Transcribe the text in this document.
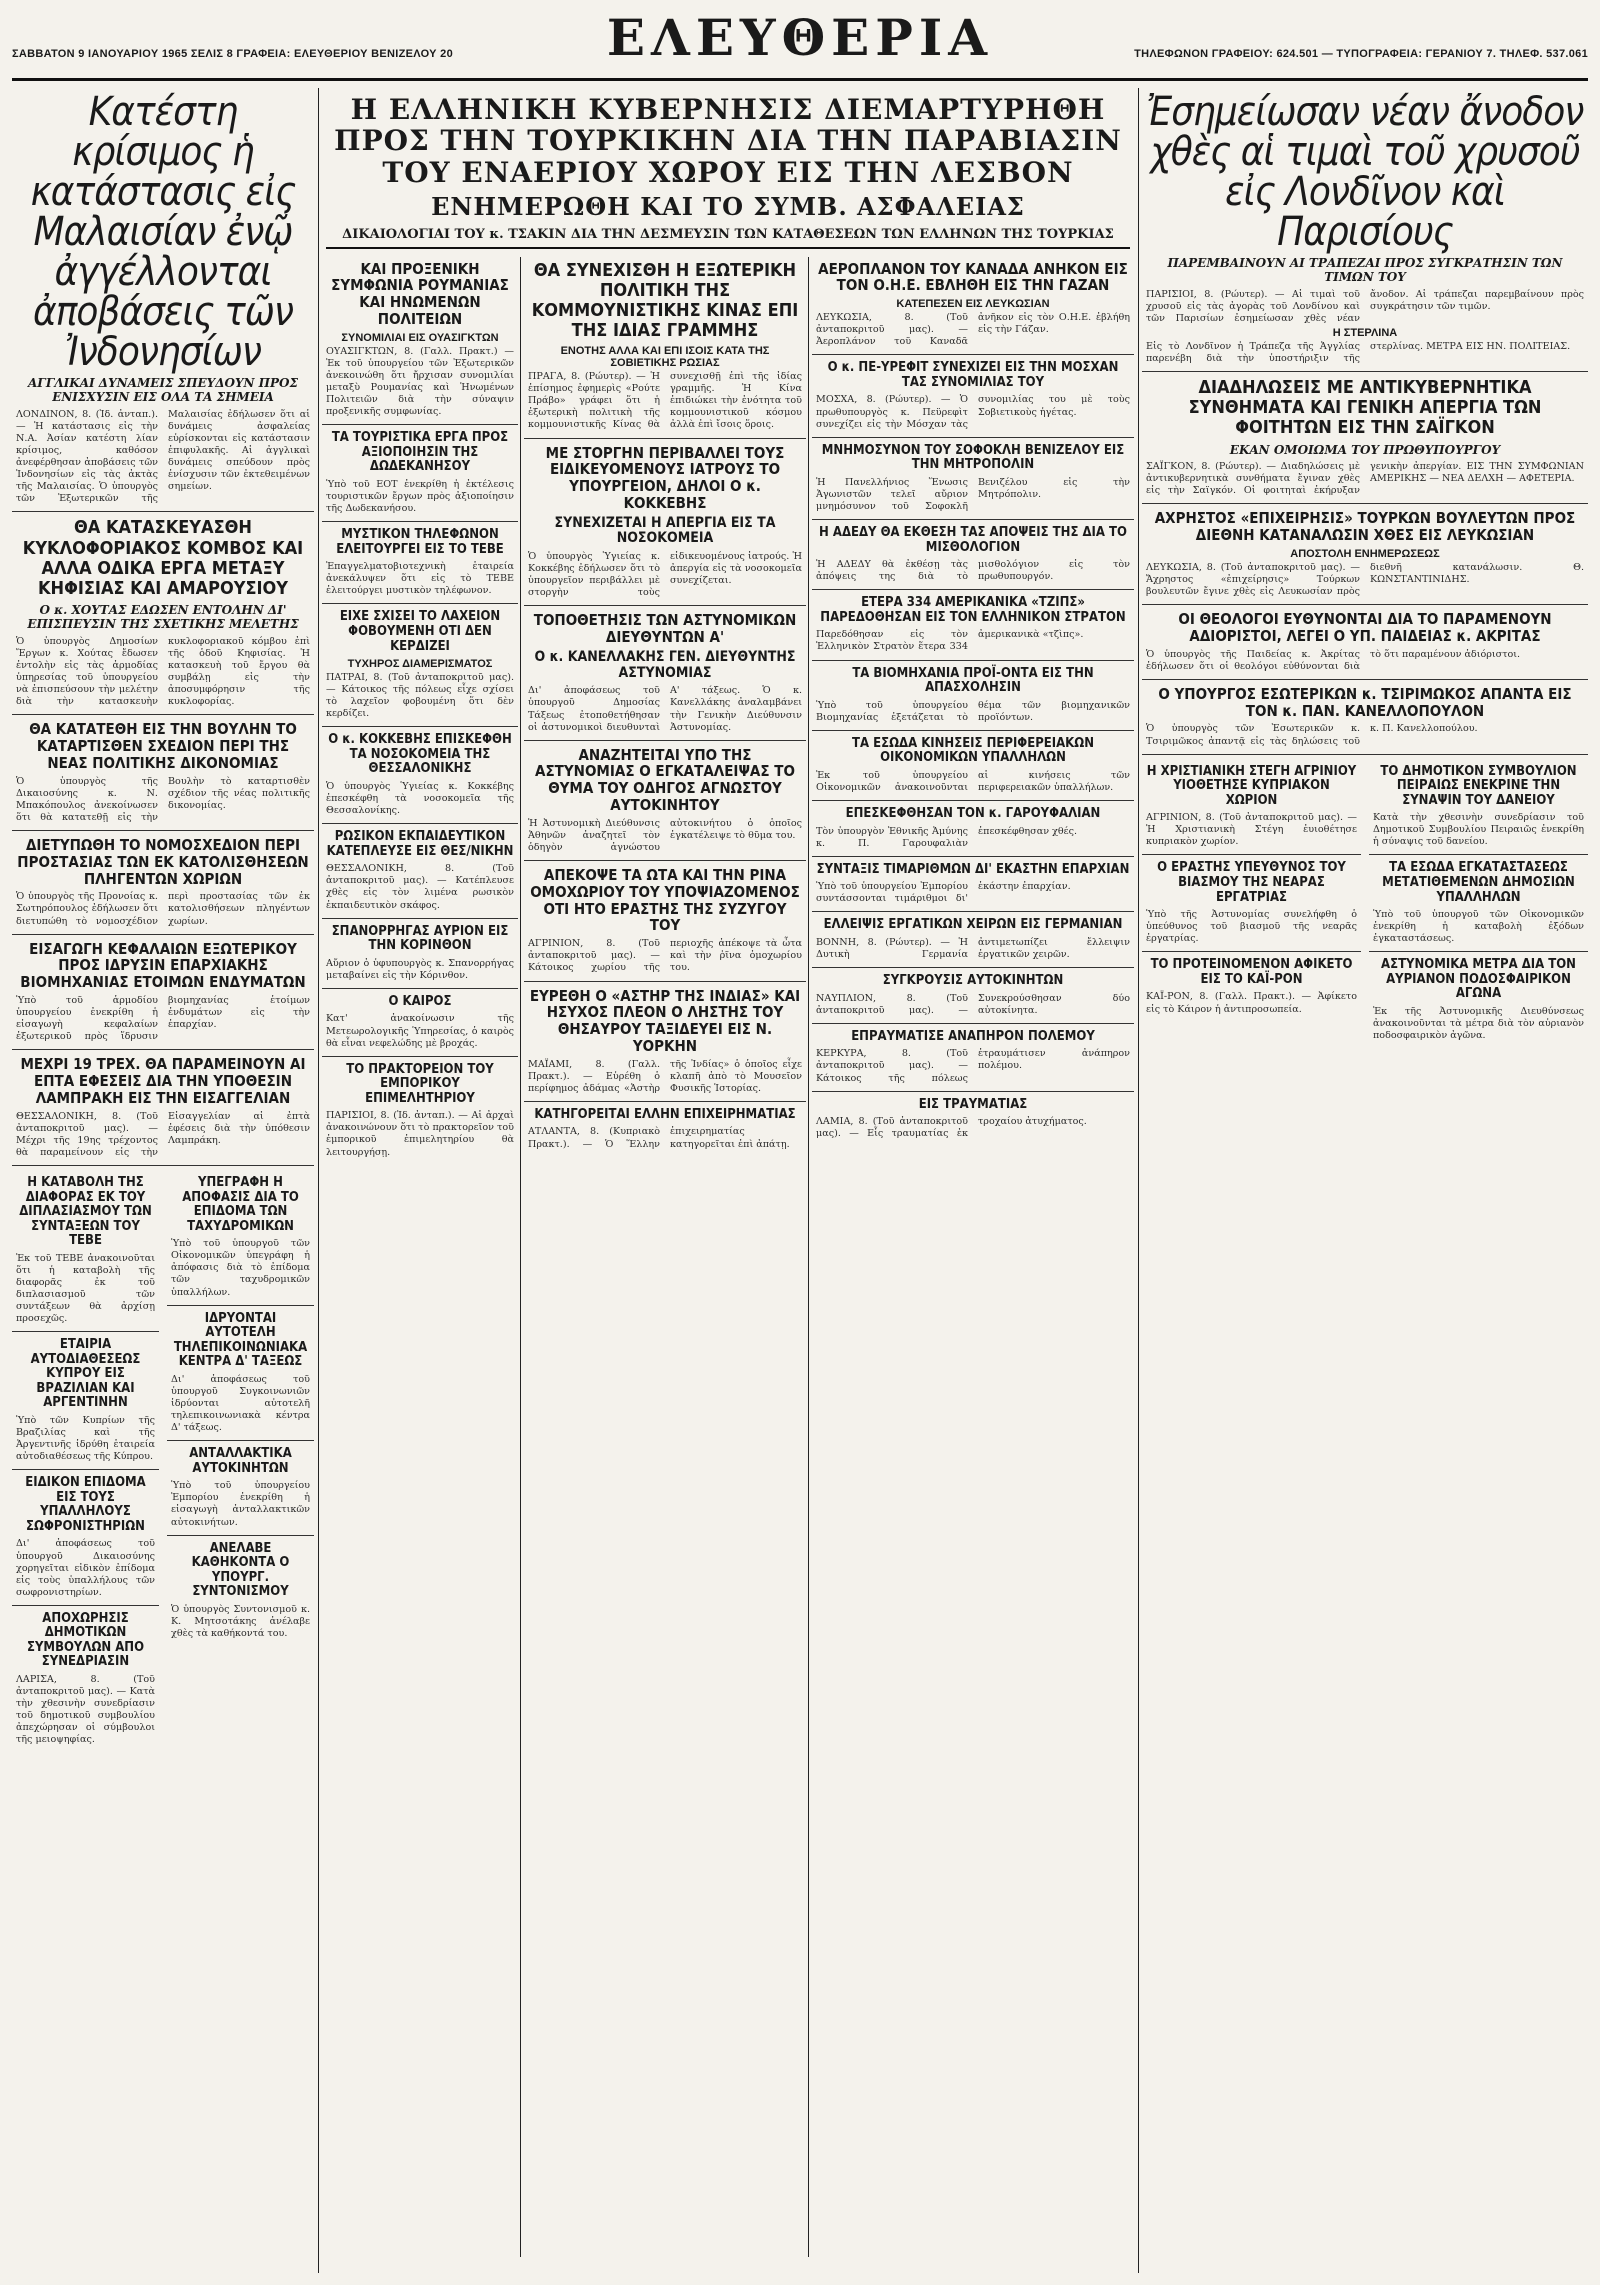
ΣΑΒΒΑΤΟΝ 9 ΙΑΝΟΥΑΡΙΟΥ 1965 ΣΕΛΙΣ 8 ΓΡΑΦΕΙΑ: ΕΛΕΥΘΕΡΙΟΥ ΒΕΝΙΖΕΛΟΥ 20	ΕΛΕΥΘΕΡΙΑ	ΤΗΛΕΦΩΝΟΝ ΓΡΑΦΕΙΟΥ: 624.501 — ΤΥΠΟΓΡΑΦΕΙΑ: ΓΕΡΑΝΙΟΥ 7. ΤΗΛΕΦ. 537.061
Κατέστη κρίσιμος ἡ κατάστασις εἰς Μαλαισίαν ἐνῷ ἀγγέλλονται ἀποβάσεις τῶν Ἰνδονησίων
ΑΓΓΛΙΚΑΙ ΔΥΝΑΜΕΙΣ ΣΠΕΥΔΟΥΝ ΠΡΟΣ ΕΝΙΣΧΥΣΙΝ ΕΙΣ ΟΛΑ ΤΑ ΣΗΜΕΙΑ

ΛΟΝΔΙΝΟΝ, 8. (Ἰδ. ἀνταπ.). — Ἡ κατάστασις εἰς τὴν Ν.Α. Ἀσίαν κατέστη λίαν κρίσιμος, καθόσον ἀνεφέρθησαν ἀποβάσεις τῶν Ἰνδονησίων εἰς τὰς ἀκτὰς τῆς Μαλαισίας. Ὁ ὑπουργὸς τῶν Ἐξωτερικῶν τῆς Μαλαισίας ἐδήλωσεν ὅτι αἱ δυνάμεις ἀσφαλείας εὑρίσκονται εἰς κατάστασιν ἐπιφυλακῆς. Αἱ ἀγγλικαὶ δυνάμεις σπεύδουν πρὸς ἐνίσχυσιν τῶν ἐκτεθειμένων σημείων.

ΘΑ ΚΑΤΑΣΚΕΥΑΣΘΗ ΚΥΚΛΟΦΟΡΙΑΚΟΣ ΚΟΜΒΟΣ ΚΑΙ ΑΛΛΑ ΟΔΙΚΑ ΕΡΓΑ ΜΕΤΑΞΥ ΚΗΦΙΣΙΑΣ ΚΑΙ ΑΜΑΡΟΥΣΙΟΥ
Ο κ. ΧΟΥΤΑΣ ΕΔΩΣΕΝ ΕΝΤΟΛΗΝ ΔΙ' ΕΠΙΣΠΕΥΣΙΝ ΤΗΣ ΣΧΕΤΙΚΗΣ ΜΕΛΕΤΗΣ

Ὁ ὑπουργὸς Δημοσίων Ἔργων κ. Χούτας ἔδωσεν ἐντολὴν εἰς τὰς ἁρμοδίας ὑπηρεσίας τοῦ ὑπουργείου νὰ ἐπισπεύσουν τὴν μελέτην διὰ τὴν κατασκευὴν κυκλοφοριακοῦ κόμβου ἐπὶ τῆς ὁδοῦ Κηφισίας. Ἡ κατασκευὴ τοῦ ἔργου θὰ συμβάλῃ εἰς τὴν ἀποσυμφόρησιν τῆς κυκλοφορίας.

ΘΑ ΚΑΤΑΤΕΘΗ ΕΙΣ ΤΗΝ ΒΟΥΛΗΝ ΤΟ ΚΑΤΑΡΤΙΣΘΕΝ ΣΧΕΔΙΟΝ ΠΕΡΙ ΤΗΣ ΝΕΑΣ ΠΟΛΙΤΙΚΗΣ ΔΙΚΟΝΟΜΙΑΣ

Ὁ ὑπουργὸς τῆς Δικαιοσύνης κ. Ν. Μπακόπουλος ἀνεκοίνωσεν ὅτι θὰ κατατεθῇ εἰς τὴν Βουλὴν τὸ καταρτισθὲν σχέδιον τῆς νέας πολιτικῆς δικονομίας.

ΔΙΕΤΥΠΩΘΗ ΤΟ ΝΟΜΟΣΧΕΔΙΟΝ ΠΕΡΙ ΠΡΟΣΤΑΣΙΑΣ ΤΩΝ ΕΚ ΚΑΤΟΛΙΣΘΗΣΕΩΝ ΠΛΗΓΕΝΤΩΝ ΧΩΡΙΩΝ

Ὁ ὑπουργὸς τῆς Προνοίας κ. Σωτηρόπουλος ἐδήλωσεν ὅτι διετυπώθη τὸ νομοσχέδιον περὶ προστασίας τῶν ἐκ κατολισθήσεων πληγέντων χωρίων.

ΕΙΣΑΓΩΓΗ ΚΕΦΑΛΑΙΩΝ ΕΞΩΤΕΡΙΚΟΥ ΠΡΟΣ ΙΔΡΥΣΙΝ ΕΠΑΡΧΙΑΚΗΣ ΒΙΟΜΗΧΑΝΙΑΣ ΕΤΟΙΜΩΝ ΕΝΔΥΜΑΤΩΝ

Ὑπὸ τοῦ ἁρμοδίου ὑπουργείου ἐνεκρίθη ἡ εἰσαγωγὴ κεφαλαίων ἐξωτερικοῦ πρὸς ἵδρυσιν βιομηχανίας ἑτοίμων ἐνδυμάτων εἰς τὴν ἐπαρχίαν.

ΜΕΧΡΙ 19 ΤΡΕΧ. ΘΑ ΠΑΡΑΜΕΙΝΟΥΝ ΑΙ ΕΠΤΑ ΕΦΕΣΕΙΣ ΔΙΑ ΤΗΝ ΥΠΟΘΕΣΙΝ ΛΑΜΠΡΑΚΗ ΕΙΣ ΤΗΝ ΕΙΣΑΓΓΕΛΙΑΝ

ΘΕΣΣΑΛΟΝΙΚΗ, 8. (Τοῦ ἀνταποκριτοῦ μας). — Μέχρι τῆς 19ης τρέχοντος θὰ παραμείνουν εἰς τὴν Εἰσαγγελίαν αἱ ἐπτὰ ἐφέσεις διὰ τὴν ὑπόθεσιν Λαμπράκη.

Η ΚΑΤΑΒΟΛΗ ΤΗΣ ΔΙΑΦΟΡΑΣ ΕΚ ΤΟΥ ΔΙΠΛΑΣΙΑΣΜΟΥ ΤΩΝ ΣΥΝΤΑΞΕΩΝ ΤΟΥ ΤΕΒΕ

Ἐκ τοῦ ΤΕΒΕ ἀνακοινοῦται ὅτι ἡ καταβολὴ τῆς διαφορᾶς ἐκ τοῦ διπλασιασμοῦ τῶν συντάξεων θὰ ἀρχίσῃ προσεχῶς.

ΕΤΑΙΡΙΑ ΑΥΤΟΔΙΑΘΕΣΕΩΣ ΚΥΠΡΟΥ ΕΙΣ ΒΡΑΖΙΛΙΑΝ ΚΑΙ ΑΡΓΕΝΤΙΝΗΝ

Ὑπὸ τῶν Κυπρίων τῆς Βραζιλίας καὶ τῆς Ἀργεντινῆς ἱδρύθη ἑταιρεία αὐτοδιαθέσεως τῆς Κύπρου.

ΕΙΔΙΚΟΝ ΕΠΙΔΟΜΑ ΕΙΣ ΤΟΥΣ ΥΠΑΛΛΗΛΟΥΣ ΣΩΦΡΟΝΙΣΤΗΡΙΩΝ

Δι' ἀποφάσεως τοῦ ὑπουργοῦ Δικαιοσύνης χορηγεῖται εἰδικὸν ἐπίδομα εἰς τοὺς ὑπαλλήλους τῶν σωφρονιστηρίων.

ΑΠΟΧΩΡΗΣΙΣ ΔΗΜΟΤΙΚΩΝ ΣΥΜΒΟΥΛΩΝ ΑΠΟ ΣΥΝΕΔΡΙΑΣΙΝ

ΛΑΡΙΣΑ, 8. (Τοῦ ἀνταποκριτοῦ μας). — Κατὰ τὴν χθεσινὴν συνεδρίασιν τοῦ δημοτικοῦ συμβουλίου ἀπεχώρησαν οἱ σύμβουλοι τῆς μειοψηφίας.

ΥΠΕΓΡΑΦΗ Η ΑΠΟΦΑΣΙΣ ΔΙΑ ΤΟ ΕΠΙΔΟΜΑ ΤΩΝ ΤΑΧΥΔΡΟΜΙΚΩΝ

Ὑπὸ τοῦ ὑπουργοῦ τῶν Οἰκονομικῶν ὑπεγράφη ἡ ἀπόφασις διὰ τὸ ἐπίδομα τῶν ταχυδρομικῶν ὑπαλλήλων.

ΙΔΡΥΟΝΤΑΙ ΑΥΤΟΤΕΛΗ ΤΗΛΕΠΙΚΟΙΝΩΝΙΑΚΑ ΚΕΝΤΡΑ Δ' ΤΑΞΕΩΣ

Δι' ἀποφάσεως τοῦ ὑπουργοῦ Συγκοινωνιῶν ἱδρύονται αὐτοτελῆ τηλεπικοινωνιακὰ κέντρα Δ' τάξεως.

ΑΝΤΑΛΛΑΚΤΙΚΑ ΑΥΤΟΚΙΝΗΤΩΝ

Ὑπὸ τοῦ ὑπουργείου Ἐμπορίου ἐνεκρίθη ἡ εἰσαγωγὴ ἀνταλλακτικῶν αὐτοκινήτων.

ΑΝΕΛΑΒΕ ΚΑΘΗΚΟΝΤΑ Ο ΥΠΟΥΡΓ. ΣΥΝΤΟΝΙΣΜΟΥ

Ὁ ὑπουργὸς Συντονισμοῦ κ. Κ. Μητσοτάκης ἀνέλαβε χθὲς τὰ καθήκοντά του.

Η ΕΛΛΗΝΙΚΗ ΚΥΒΕΡΝΗΣΙΣ ΔΙΕΜΑΡΤΥΡΗΘΗ ΠΡΟΣ ΤΗΝ ΤΟΥΡΚΙΚΗΝ ΔΙΑ ΤΗΝ ΠΑΡΑΒΙΑΣΙΝ ΤΟΥ ΕΝΑΕΡΙΟΥ ΧΩΡΟΥ ΕΙΣ ΤΗΝ ΛΕΣΒΟΝ
ΕΝΗΜΕΡΩΘΗ ΚΑΙ ΤΟ ΣΥΜΒ. ΑΣΦΑΛΕΙΑΣ
ΔΙΚΑΙΟΛΟΓΙΑΙ ΤΟΥ κ. ΤΣΑΚΙΝ ΔΙΑ ΤΗΝ ΔΕΣΜΕΥΣΙΝ ΤΩΝ ΚΑΤΑΘΕΣΕΩΝ ΤΩΝ ΕΛΛΗΝΩΝ ΤΗΣ ΤΟΥΡΚΙΑΣ
ΚΑΙ ΠΡΟΞΕΝΙΚΗ ΣΥΜΦΩΝΙΑ ΡΟΥΜΑΝΙΑΣ ΚΑΙ ΗΝΩΜΕΝΩΝ ΠΟΛΙΤΕΙΩΝ
ΣΥΝΟΜΙΛΙΑΙ ΕΙΣ ΟΥΑΣΙΓΚΤΩΝ

ΟΥΑΣΙΓΚΤΩΝ, 8. (Γαλλ. Πρακτ.) — Ἐκ τοῦ ὑπουργείου τῶν Ἐξωτερικῶν ἀνεκοινώθη ὅτι ἤρχισαν συνομιλίαι μεταξὺ Ρουμανίας καὶ Ἡνωμένων Πολιτειῶν διὰ τὴν σύναψιν προξενικῆς συμφωνίας.

ΤΑ ΤΟΥΡΙΣΤΙΚΑ ΕΡΓΑ ΠΡΟΣ ΑΞΙΟΠΟΙΗΣΙΝ ΤΗΣ ΔΩΔΕΚΑΝΗΣΟΥ

Ὑπὸ τοῦ ΕΟΤ ἐνεκρίθη ἡ ἐκτέλεσις τουριστικῶν ἔργων πρὸς ἀξιοποίησιν τῆς Δωδεκανήσου.

ΜΥΣΤΙΚΟΝ ΤΗΛΕΦΩΝΟΝ ΕΛΕΙΤΟΥΡΓΕΙ ΕΙΣ ΤΟ ΤΕΒΕ

Ἐπαγγελματοβιοτεχνικὴ ἑταιρεία ἀνεκάλυψεν ὅτι εἰς τὸ ΤΕΒΕ ἐλειτούργει μυστικὸν τηλέφωνον.

ΕΙΧΕ ΣΧΙΣΕΙ ΤΟ ΛΑΧΕΙΟΝ ΦΟΒΟΥΜΕΝΗ ΟΤΙ ΔΕΝ ΚΕΡΔΙΖΕΙ
ΤΥΧΗΡΟΣ ΔΙΑΜΕΡΙΣΜΑΤΟΣ

ΠΑΤΡΑΙ, 8. (Τοῦ ἀνταποκριτοῦ μας). — Κάτοικος τῆς πόλεως εἶχε σχίσει τὸ λαχεῖον φοβουμένη ὅτι δὲν κερδίζει.

Ο κ. ΚΟΚΚΕΒΗΣ ΕΠΙΣΚΕΦΘΗ ΤΑ ΝΟΣΟΚΟΜΕΙΑ ΤΗΣ ΘΕΣΣΑΛΟΝΙΚΗΣ

Ὁ ὑπουργὸς Ὑγιείας κ. Κοκκέβης ἐπεσκέφθη τὰ νοσοκομεῖα τῆς Θεσσαλονίκης.

ΡΩΣΙΚΟΝ ΕΚΠΑΙΔΕΥΤΙΚΟΝ ΚΑΤΕΠΛΕΥΣΕ ΕΙΣ ΘΕΣ/ΝΙΚΗΝ

ΘΕΣΣΑΛΟΝΙΚΗ, 8. (Τοῦ ἀνταποκριτοῦ μας). — Κατέπλευσε χθὲς εἰς τὸν λιμένα ρωσικὸν ἐκπαιδευτικὸν σκάφος.

ΣΠΑΝΟΡΡΗΓΑΣ ΑΥΡΙΟΝ ΕΙΣ ΤΗΝ ΚΟΡΙΝΘΟΝ

Αὔριον ὁ ὑφυπουργὸς κ. Σπανορρήγας μεταβαίνει εἰς τὴν Κόρινθον.

Ο ΚΑΙΡΟΣ

Κατ' ἀνακοίνωσιν τῆς Μετεωρολογικῆς Ὑπηρεσίας, ὁ καιρὸς θὰ εἶναι νεφελώδης μὲ βροχάς.

ΤΟ ΠΡΑΚΤΟΡΕΙΟΝ ΤΟΥ ΕΜΠΟΡΙΚΟΥ ΕΠΙΜΕΛΗΤΗΡΙΟΥ

ΠΑΡΙΣΙΟΙ, 8. (Ἰδ. ἀνταπ.). — Αἱ ἀρχαὶ ἀνακοινώνουν ὅτι τὸ πρακτορεῖον τοῦ ἐμπορικοῦ ἐπιμελητηρίου θὰ λειτουργήσῃ.

ΘΑ ΣΥΝΕΧΙΣΘΗ Η ΕΞΩΤΕΡΙΚΗ ΠΟΛΙΤΙΚΗ ΤΗΣ ΚΟΜΜΟΥΝΙΣΤΙΚΗΣ ΚΙΝΑΣ ΕΠΙ ΤΗΣ ΙΔΙΑΣ ΓΡΑΜΜΗΣ
ΕΝΟΤΗΣ ΑΛΛΑ ΚΑΙ ΕΠΙ ΙΣΟΙΣ ΚΑΤΑ ΤΗΣ ΣΟΒΙΕΤΙΚΗΣ ΡΩΣΙΑΣ

ΠΡΑΓΑ, 8. (Ρώυτερ). — Ἡ ἐπίσημος ἐφημερὶς «Ρούτε Πράβο» γράφει ὅτι ἡ ἐξωτερικὴ πολιτικὴ τῆς κομμουνιστικῆς Κίνας θὰ συνεχισθῇ ἐπὶ τῆς ἰδίας γραμμῆς. Ἡ Κίνα ἐπιδιώκει τὴν ἑνότητα τοῦ κομμουνιστικοῦ κόσμου ἀλλὰ ἐπὶ ἴσοις ὅροις.

ΜΕ ΣΤΟΡΓΗΝ ΠΕΡΙΒΑΛΛΕΙ ΤΟΥΣ ΕΙΔΙΚΕΥΟΜΕΝΟΥΣ ΙΑΤΡΟΥΣ ΤΟ ΥΠΟΥΡΓΕΙΟΝ, ΔΗΛΟΙ Ο κ. ΚΟΚΚΕΒΗΣ
ΣΥΝΕΧΙΖΕΤΑΙ Η ΑΠΕΡΓΙΑ ΕΙΣ ΤΑ ΝΟΣΟΚΟΜΕΙΑ

Ὁ ὑπουργὸς Ὑγιείας κ. Κοκκέβης ἐδήλωσεν ὅτι τὸ ὑπουργεῖον περιβάλλει μὲ στοργὴν τοὺς εἰδικευομένους ἰατρούς. Ἡ ἀπεργία εἰς τὰ νοσοκομεῖα συνεχίζεται.

ΤΟΠΟΘΕΤΗΣΙΣ ΤΩΝ ΑΣΤΥΝΟΜΙΚΩΝ ΔΙΕΥΘΥΝΤΩΝ Α'
Ο κ. ΚΑΝΕΛΛΑΚΗΣ ΓΕΝ. ΔΙΕΥΘΥΝΤΗΣ ΑΣΤΥΝΟΜΙΑΣ

Δι' ἀποφάσεως τοῦ ὑπουργοῦ Δημοσίας Τάξεως ἐτοποθετήθησαν οἱ ἀστυνομικοὶ διευθυνταὶ Α' τάξεως. Ὁ κ. Κανελλάκης ἀναλαμβάνει τὴν Γενικὴν Διεύθυνσιν Ἀστυνομίας.

ΑΝΑΖΗΤΕΙΤΑΙ ΥΠΟ ΤΗΣ ΑΣΤΥΝΟΜΙΑΣ Ο ΕΓΚΑΤΑΛΕΙΨΑΣ ΤΟ ΘΥΜΑ ΤΟΥ ΟΔΗΓΟΣ ΑΓΝΩΣΤΟΥ ΑΥΤΟΚΙΝΗΤΟΥ

Ἡ Ἀστυνομικὴ Διεύθυνσις Ἀθηνῶν ἀναζητεῖ τὸν ὁδηγὸν ἀγνώστου αὐτοκινήτου ὁ ὁποῖος ἐγκατέλειψε τὸ θῦμα του.

ΑΠΕΚΟΨΕ ΤΑ ΩΤΑ ΚΑΙ ΤΗΝ ΡΙΝΑ ΟΜΟΧΩΡΙΟΥ ΤΟΥ ΥΠΟΨΙΑΖΟΜΕΝΟΣ ΟΤΙ ΗΤΟ ΕΡΑΣΤΗΣ ΤΗΣ ΣΥΖΥΓΟΥ ΤΟΥ

ΑΓΡΙΝΙΟΝ, 8. (Τοῦ ἀνταποκριτοῦ μας). — Κάτοικος χωρίου τῆς περιοχῆς ἀπέκοψε τὰ ὦτα καὶ τὴν ῥῖνα ὁμοχωρίου του.

ΕΥΡΕΘΗ Ο «ΑΣΤΗΡ ΤΗΣ ΙΝΔΙΑΣ» ΚΑΙ ΗΣΥΧΟΣ ΠΛΕΟΝ Ο ΛΗΣΤΗΣ ΤΟΥ ΘΗΣΑΥΡΟΥ ΤΑΞΙΔΕΥΕΙ ΕΙΣ Ν. ΥΟΡΚΗΝ

ΜΑΪΑΜΙ, 8. (Γαλλ. Πρακτ.). — Εὑρέθη ὁ περίφημος ἀδάμας «Ἀστὴρ τῆς Ἰνδίας» ὁ ὁποῖος εἶχε κλαπῆ ἀπὸ τὸ Μουσεῖον Φυσικῆς Ἱστορίας.

ΚΑΤΗΓΟΡΕΙΤΑΙ ΕΛΛΗΝ ΕΠΙΧΕΙΡΗΜΑΤΙΑΣ

ΑΤΛΑΝΤΑ, 8. (Κυπριακὸ Πρακτ.). — Ὁ Ἕλλην ἐπιχειρηματίας κατηγορεῖται ἐπὶ ἀπάτῃ.

ΑΕΡΟΠΛΑΝΟΝ ΤΟΥ ΚΑΝΑΔΑ ΑΝΗΚΟΝ ΕΙΣ ΤΟΝ Ο.Η.Ε. ΕΒΛΗΘΗ ΕΙΣ ΤΗΝ ΓΑΖΑΝ
ΚΑΤΕΠΕΣΕΝ ΕΙΣ ΛΕΥΚΩΣΙΑΝ

ΛΕΥΚΩΣΙΑ, 8. (Τοῦ ἀνταποκριτοῦ μας). — Ἀεροπλάνον τοῦ Καναδᾶ ἀνῆκον εἰς τὸν Ο.Η.Ε. ἐβλήθη εἰς τὴν Γάζαν.

Ο κ. ΠΕ-ΥΡΕΦΙΤ ΣΥΝΕΧΙΖΕΙ ΕΙΣ ΤΗΝ ΜΟΣΧΑΝ ΤΑΣ ΣΥΝΟΜΙΛΙΑΣ ΤΟΥ

ΜΟΣΧΑ, 8. (Ρώυτερ). — Ὁ πρωθυπουργὸς κ. Πεϋρεφὶτ συνεχίζει εἰς τὴν Μόσχαν τὰς συνομιλίας του μὲ τοὺς Σοβιετικοὺς ἡγέτας.

ΜΝΗΜΟΣΥΝΟΝ ΤΟΥ ΣΟΦΟΚΛΗ ΒΕΝΙΖΕΛΟΥ ΕΙΣ ΤΗΝ ΜΗΤΡΟΠΟΛΙΝ

Ἡ Πανελλήνιος Ἕνωσις Ἀγωνιστῶν τελεῖ αὔριον μνημόσυνον τοῦ Σοφοκλῆ Βενιζέλου εἰς τὴν Μητρόπολιν.

Η ΑΔΕΔΥ ΘΑ ΕΚΘΕΣΗ ΤΑΣ ΑΠΟΨΕΙΣ ΤΗΣ ΔΙΑ ΤΟ ΜΙΣΘΟΛΟΓΙΟΝ

Ἡ ΑΔΕΔΥ θὰ ἐκθέσῃ τὰς ἀπόψεις της διὰ τὸ μισθολόγιον εἰς τὸν πρωθυπουργόν.

ΕΤΕΡΑ 334 ΑΜΕΡΙΚΑΝΙΚΑ «ΤΖΙΠΣ» ΠΑΡΕΔΟΘΗΣΑΝ ΕΙΣ ΤΟΝ ΕΛΛΗΝΙΚΟΝ ΣΤΡΑΤΟΝ

Παρεδόθησαν εἰς τὸν Ἑλληνικὸν Στρατὸν ἕτερα 334 ἀμερικανικὰ «τζὶπς».

ΤΑ ΒΙΟΜΗΧΑΝΙΑ ΠΡΟΪ-ΟΝΤΑ ΕΙΣ ΤΗΝ ΑΠΑΣΧΟΛΗΣΙΝ

Ὑπὸ τοῦ ὑπουργείου Βιομηχανίας ἐξετάζεται τὸ θέμα τῶν βιομηχανικῶν προϊόντων.

ΤΑ ΕΣΩΔΑ ΚΙΝΗΣΕΙΣ ΠΕΡΙΦΕΡΕΙΑΚΩΝ ΟΙΚΟΝΟΜΙΚΩΝ ΥΠΑΛΛΗΛΩΝ

Ἐκ τοῦ ὑπουργείου Οἰκονομικῶν ἀνακοινοῦνται αἱ κινήσεις τῶν περιφερειακῶν ὑπαλλήλων.

ΕΠΕΣΚΕΦΘΗΣΑΝ ΤΟΝ κ. ΓΑΡΟΥΦΑΛΙΑΝ

Τὸν ὑπουργὸν Ἐθνικῆς Ἀμύνης κ. Π. Γαρουφαλιὰν ἐπεσκέφθησαν χθές.

ΣΥΝΤΑΞΙΣ ΤΙΜΑΡΙΘΜΩΝ ΔΙ' ΕΚΑΣΤΗΝ ΕΠΑΡΧΙΑΝ

Ὑπὸ τοῦ ὑπουργείου Ἐμπορίου συντάσσονται τιμάριθμοι δι' ἑκάστην ἐπαρχίαν.

ΕΛΛΕΙΨΙΣ ΕΡΓΑΤΙΚΩΝ ΧΕΙΡΩΝ ΕΙΣ ΓΕΡΜΑΝΙΑΝ

ΒΟΝΝΗ, 8. (Ρώυτερ). — Ἡ Δυτικὴ Γερμανία ἀντιμετωπίζει ἔλλειψιν ἐργατικῶν χειρῶν.

ΣΥΓΚΡΟΥΣΙΣ ΑΥΤΟΚΙΝΗΤΩΝ

ΝΑΥΠΛΙΟΝ, 8. (Τοῦ ἀνταποκριτοῦ μας). — Συνεκρούσθησαν δύο αὐτοκίνητα.

ΕΠΡΑΥΜΑΤΙΣΕ ΑΝΑΠΗΡΟΝ ΠΟΛΕΜΟΥ

ΚΕΡΚΥΡΑ, 8. (Τοῦ ἀνταποκριτοῦ μας). — Κάτοικος τῆς πόλεως ἐτραυμάτισεν ἀνάπηρον πολέμου.

ΕΙΣ ΤΡΑΥΜΑΤΙΑΣ

ΛΑΜΙΑ, 8. (Τοῦ ἀνταποκριτοῦ μας). — Εἷς τραυματίας ἐκ τροχαίου ἀτυχήματος.

Ἐσημείωσαν νέαν ἄνοδον χθὲς αἱ τιμαὶ τοῦ χρυσοῦ εἰς Λονδῖνον καὶ Παρισίους
ΠΑΡΕΜΒΑΙΝΟΥΝ ΑΙ ΤΡΑΠΕΖΑΙ ΠΡΟΣ ΣΥΓΚΡΑΤΗΣΙΝ ΤΩΝ ΤΙΜΩΝ ΤΟΥ

ΠΑΡΙΣΙΟΙ, 8. (Ρώυτερ). — Αἱ τιμαὶ τοῦ χρυσοῦ εἰς τὰς ἀγορὰς τοῦ Λονδίνου καὶ τῶν Παρισίων ἐσημείωσαν χθὲς νέαν ἄνοδον. Αἱ τράπεζαι παρεμβαίνουν πρὸς συγκράτησιν τῶν τιμῶν.

Η ΣΤΕΡΛΙΝΑ

Εἰς τὸ Λονδῖνον ἡ Τράπεζα τῆς Ἀγγλίας παρενέβη διὰ τὴν ὑποστήριξιν τῆς στερλίνας. ΜΕΤΡΑ ΕΙΣ ΗΝ. ΠΟΛΙΤΕΙΑΣ.

ΔΙΑΔΗΛΩΣΕΙΣ ΜΕ ΑΝΤΙΚΥΒΕΡΝΗΤΙΚΑ ΣΥΝΘΗΜΑΤΑ ΚΑΙ ΓΕΝΙΚΗ ΑΠΕΡΓΙΑ ΤΩΝ ΦΟΙΤΗΤΩΝ ΕΙΣ ΤΗΝ ΣΑΪΓΚΟΝ
ΕΚΑΝ ΟΜΟΙΩΜΑ ΤΟΥ ΠΡΩΘΥΠΟΥΡΓΟΥ

ΣΑΪΓΚΟΝ, 8. (Ρώυτερ). — Διαδηλώσεις μὲ ἀντικυβερνητικὰ συνθήματα ἔγιναν χθὲς εἰς τὴν Σαϊγκόν. Οἱ φοιτηταὶ ἐκήρυξαν γενικὴν ἀπεργίαν. ΕΙΣ ΤΗΝ ΣΥΜΦΩΝΙΑΝ ΑΜΕΡΙΚΗΣ — ΝΕΑ ΔΕΛΧΗ — ΑΦΕΤΕΡΙΑ.

ΑΧΡΗΣΤΟΣ «ΕΠΙΧΕΙΡΗΣΙΣ» ΤΟΥΡΚΩΝ ΒΟΥΛΕΥΤΩΝ ΠΡΟΣ ΔΙΕΘΝΗ ΚΑΤΑΝΑΛΩΣΙΝ ΧΘΕΣ ΕΙΣ ΛΕΥΚΩΣΙΑΝ
ΑΠΟΣΤΟΛΗ ΕΝΗΜΕΡΩΣΕΩΣ

ΛΕΥΚΩΣΙΑ, 8. (Τοῦ ἀνταποκριτοῦ μας). — Ἄχρηστος «ἐπιχείρησις» Τούρκων βουλευτῶν ἔγινε χθὲς εἰς Λευκωσίαν πρὸς διεθνῆ κατανάλωσιν. Θ. ΚΩΝΣΤΑΝΤΙΝΙΔΗΣ.

ΟΙ ΘΕΟΛΟΓΟΙ ΕΥΘΥΝΟΝΤΑΙ ΔΙΑ ΤΟ ΠΑΡΑΜΕΝΟΥΝ ΑΔΙΟΡΙΣΤΟΙ, ΛΕΓΕΙ Ο ΥΠ. ΠΑΙΔΕΙΑΣ κ. ΑΚΡΙΤΑΣ

Ὁ ὑπουργὸς τῆς Παιδείας κ. Ἀκρίτας ἐδήλωσεν ὅτι οἱ θεολόγοι εὐθύνονται διὰ τὸ ὅτι παραμένουν ἀδιόριστοι.

Ο ΥΠΟΥΡΓΟΣ ΕΣΩΤΕΡΙΚΩΝ κ. ΤΣΙΡΙΜΩΚΟΣ ΑΠΑΝΤΑ ΕΙΣ ΤΟΝ κ. ΠΑΝ. ΚΑΝΕΛΛΟΠΟΥΛΟΝ

Ὁ ὑπουργὸς τῶν Ἐσωτερικῶν κ. Τσιριμῶκος ἀπαντᾷ εἰς τὰς δηλώσεις τοῦ κ. Π. Κανελλοπούλου.

Η ΧΡΙΣΤΙΑΝΙΚΗ ΣΤΕΓΗ ΑΓΡΙΝΙΟΥ ΥΙΟΘΕΤΗΣΕ ΚΥΠΡΙΑΚΟΝ ΧΩΡΙΟΝ

ΑΓΡΙΝΙΟΝ, 8. (Τοῦ ἀνταποκριτοῦ μας). — Ἡ Χριστιανικὴ Στέγη ἐυιοθέτησε κυπριακὸν χωρίον.

Ο ΕΡΑΣΤΗΣ ΥΠΕΥΘΥΝΟΣ ΤΟΥ ΒΙΑΣΜΟΥ ΤΗΣ ΝΕΑΡΑΣ ΕΡΓΑΤΡΙΑΣ

Ὑπὸ τῆς Ἀστυνομίας συνελήφθη ὁ ὑπεύθυνος τοῦ βιασμοῦ τῆς νεαρᾶς ἐργατρίας.

ΤΟ ΠΡΟΤΕΙΝΟΜΕΝΟΝ ΑΦΙΚΕΤΟ ΕΙΣ ΤΟ ΚΑΪ-ΡΟΝ

ΚΑΪ-ΡΟΝ, 8. (Γαλλ. Πρακτ.). — Ἀφίκετο εἰς τὸ Κάιρον ἡ ἀντιπροσωπεία.

ΤΟ ΔΗΜΟΤΙΚΟΝ ΣΥΜΒΟΥΛΙΟΝ ΠΕΙΡΑΙΩΣ ΕΝΕΚΡΙΝΕ ΤΗΝ ΣΥΝΑΨΙΝ ΤΟΥ ΔΑΝΕΙΟΥ

Κατὰ τὴν χθεσινὴν συνεδρίασιν τοῦ Δημοτικοῦ Συμβουλίου Πειραιῶς ἐνεκρίθη ἡ σύναψις τοῦ δανείου.

ΤΑ ΕΣΩΔΑ ΕΓΚΑΤΑΣΤΑΣΕΩΣ ΜΕΤΑΤΙΘΕΜΕΝΩΝ ΔΗΜΟΣΙΩΝ ΥΠΑΛΛΗΛΩΝ

Ὑπὸ τοῦ ὑπουργοῦ τῶν Οἰκονομικῶν ἐνεκρίθη ἡ καταβολὴ ἐξόδων ἐγκαταστάσεως.

ΑΣΤΥΝΟΜΙΚΑ ΜΕΤΡΑ ΔΙΑ ΤΟΝ ΑΥΡΙΑΝΟΝ ΠΟΔΟΣΦΑΙΡΙΚΟΝ ΑΓΩΝΑ

Ἐκ τῆς Ἀστυνομικῆς Διευθύνσεως ἀνακοινοῦνται τὰ μέτρα διὰ τὸν αὐριανὸν ποδοσφαιρικὸν ἀγῶνα.
